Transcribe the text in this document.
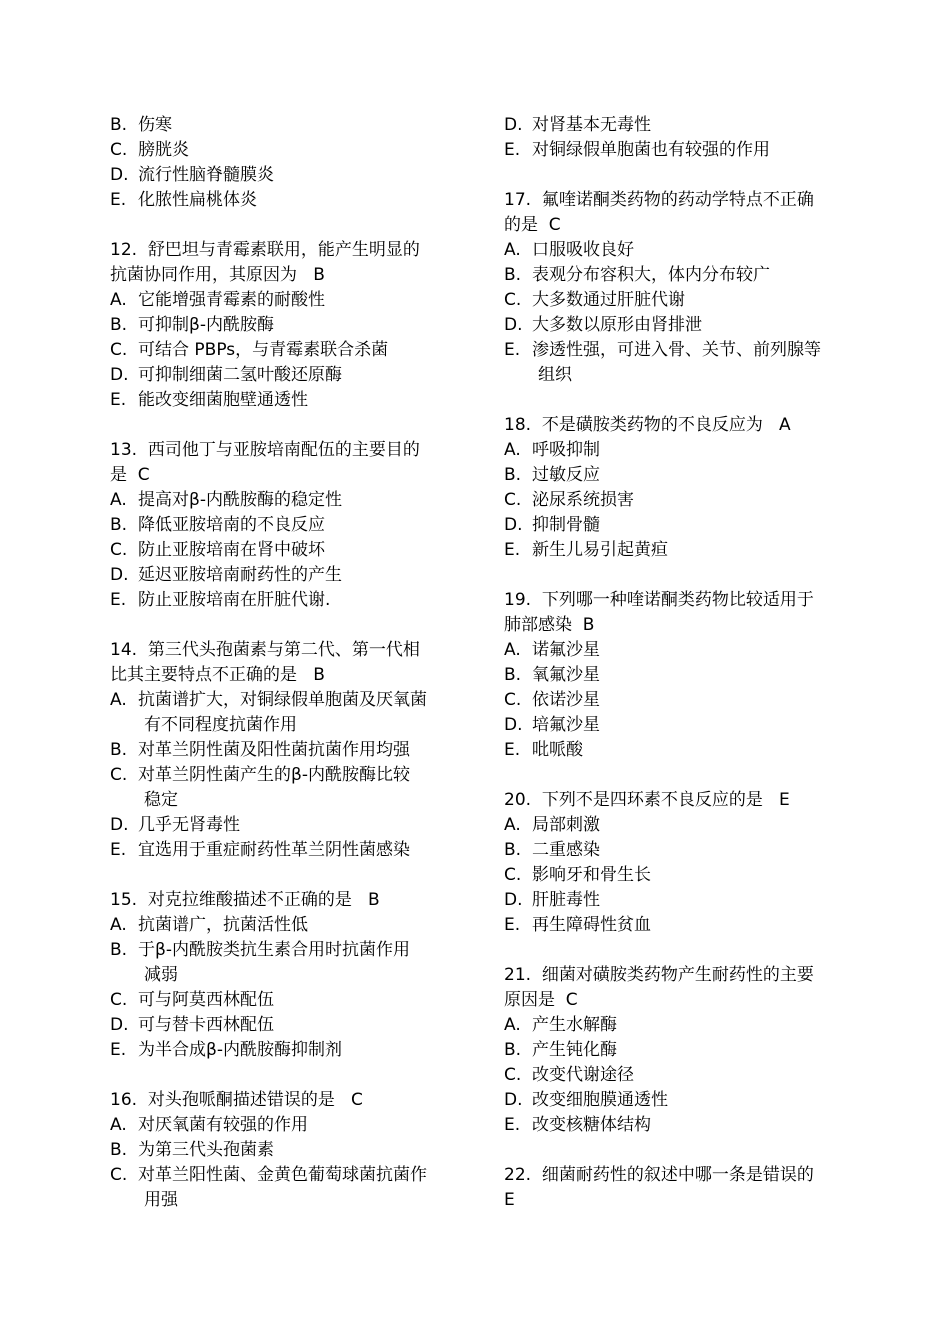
B. 伤寒
C. 膀胱炎
D. 流行性脑脊髓膜炎
E. 化脓性扁桃体炎
12.  舒巴坦与青霉素联用，能产生明显的
抗菌协同作用，其原因为   B
A. 它能增强青霉素的耐酸性
B. 可抑制β-内酰胺酶
C. 可结合 PBPs，与青霉素联合杀菌
D. 可抑制细菌二氢叶酸还原酶
E. 能改变细菌胞壁通透性
13.  西司他丁与亚胺培南配伍的主要目的
是  C
A. 提高对β-内酰胺酶的稳定性
B. 降低亚胺培南的不良反应
C. 防止亚胺培南在肾中破坏
D. 延迟亚胺培南耐药性的产生
E. 防止亚胺培南在肝脏代谢.
14.  第三代头孢菌素与第二代、第一代相
比其主要特点不正确的是   B
A. 抗菌谱扩大，对铜绿假单胞菌及厌氧菌
有不同程度抗菌作用
B. 对革兰阴性菌及阳性菌抗菌作用均强
C. 对革兰阴性菌产生的β-内酰胺酶比较
稳定
D. 几乎无肾毒性
E. 宜选用于重症耐药性革兰阴性菌感染
15.  对克拉维酸描述不正确的是   B
A. 抗菌谱广，抗菌活性低
B. 于β-内酰胺类抗生素合用时抗菌作用
减弱
C. 可与阿莫西林配伍
D. 可与替卡西林配伍
E. 为半合成β-内酰胺酶抑制剂
16.  对头孢哌酮描述错误的是   C
A. 对厌氧菌有较强的作用
B. 为第三代头孢菌素
C. 对革兰阳性菌、金黄色葡萄球菌抗菌作
用强
D. 对肾基本无毒性
E. 对铜绿假单胞菌也有较强的作用
17.  氟喹诺酮类药物的药动学特点不正确
的是  C
A. 口服吸收良好
B. 表观分布容积大，体内分布较广
C. 大多数通过肝脏代谢
D. 大多数以原形由肾排泄
E. 渗透性强，可进入骨、关节、前列腺等
组织
18.  不是磺胺类药物的不良反应为   A
A. 呼吸抑制
B. 过敏反应
C. 泌尿系统损害
D. 抑制骨髓
E. 新生儿易引起黄疸
19.  下列哪一种喹诺酮类药物比较适用于
肺部感染  B
A. 诺氟沙星
B. 氧氟沙星
C. 依诺沙星
D. 培氟沙星
E. 吡哌酸
20.  下列不是四环素不良反应的是   E
A. 局部刺激
B. 二重感染
C. 影响牙和骨生长
D. 肝脏毒性
E. 再生障碍性贫血
21.  细菌对磺胺类药物产生耐药性的主要
原因是  C
A. 产生水解酶
B. 产生钝化酶
C. 改变代谢途径
D. 改变细胞膜通透性
E. 改变核糖体结构
22.  细菌耐药性的叙述中哪一条是错误的
E
